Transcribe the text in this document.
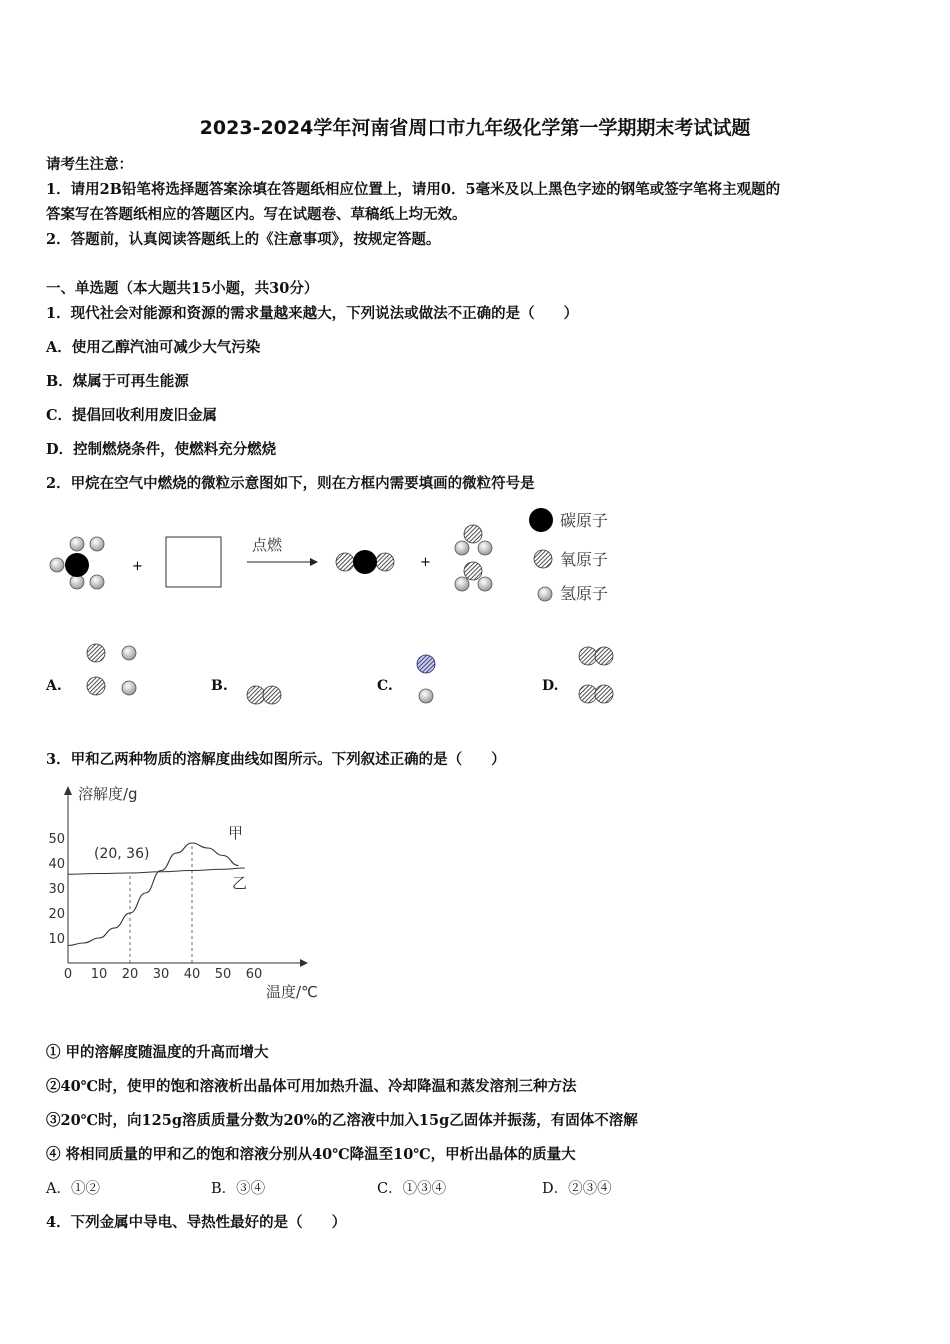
2023-2024学年河南省周口市九年级化学第一学期期末考试试题
请考生注意：
1．请用2B铅笔将选择题答案涂填在答题纸相应位置上，请用0．5毫米及以上黑色字迹的钢笔或签字笔将主观题的
答案写在答题纸相应的答题区内。写在试题卷、草稿纸上均无效。
2．答题前，认真阅读答题纸上的《注意事项》，按规定答题。
一、单选题（本大题共15小题，共30分）
1．现代社会对能源和资源的需求量越来越大，下列说法或做法不正确的是（　　）
A．使用乙醇汽油可减少大气污染
B．煤属于可再生能源
C．提倡回收利用废旧金属
D．控制燃烧条件，使燃料充分燃烧
2．甲烷在空气中燃烧的微粒示意图如下，则在方框内需要填画的微粒符号是
+
点燃
+
碳原子
氧原子
氢原子
A.	B.	C.	D.
3．甲和乙两种物质的溶解度曲线如图所示。下列叙述正确的是（　　）
0 10 20 30 40 50 60
10
20
30
40
50
溶解度/g
温度/℃
(20, 36)
甲
乙
① 甲的溶解度随温度的升高而增大
②40℃时，使甲的饱和溶液析出晶体可用加热升温、冷却降温和蒸发溶剂三种方法
③20℃时，向125g溶质质量分数为20%的乙溶液中加入15g乙固体并振荡，有固体不溶解
④ 将相同质量的甲和乙的饱和溶液分别从40℃降温至10℃，甲析出晶体的质量大
A．①②	B．③④	C．①③④	D．②③④
4．下列金属中导电、导热性最好的是（　　）
